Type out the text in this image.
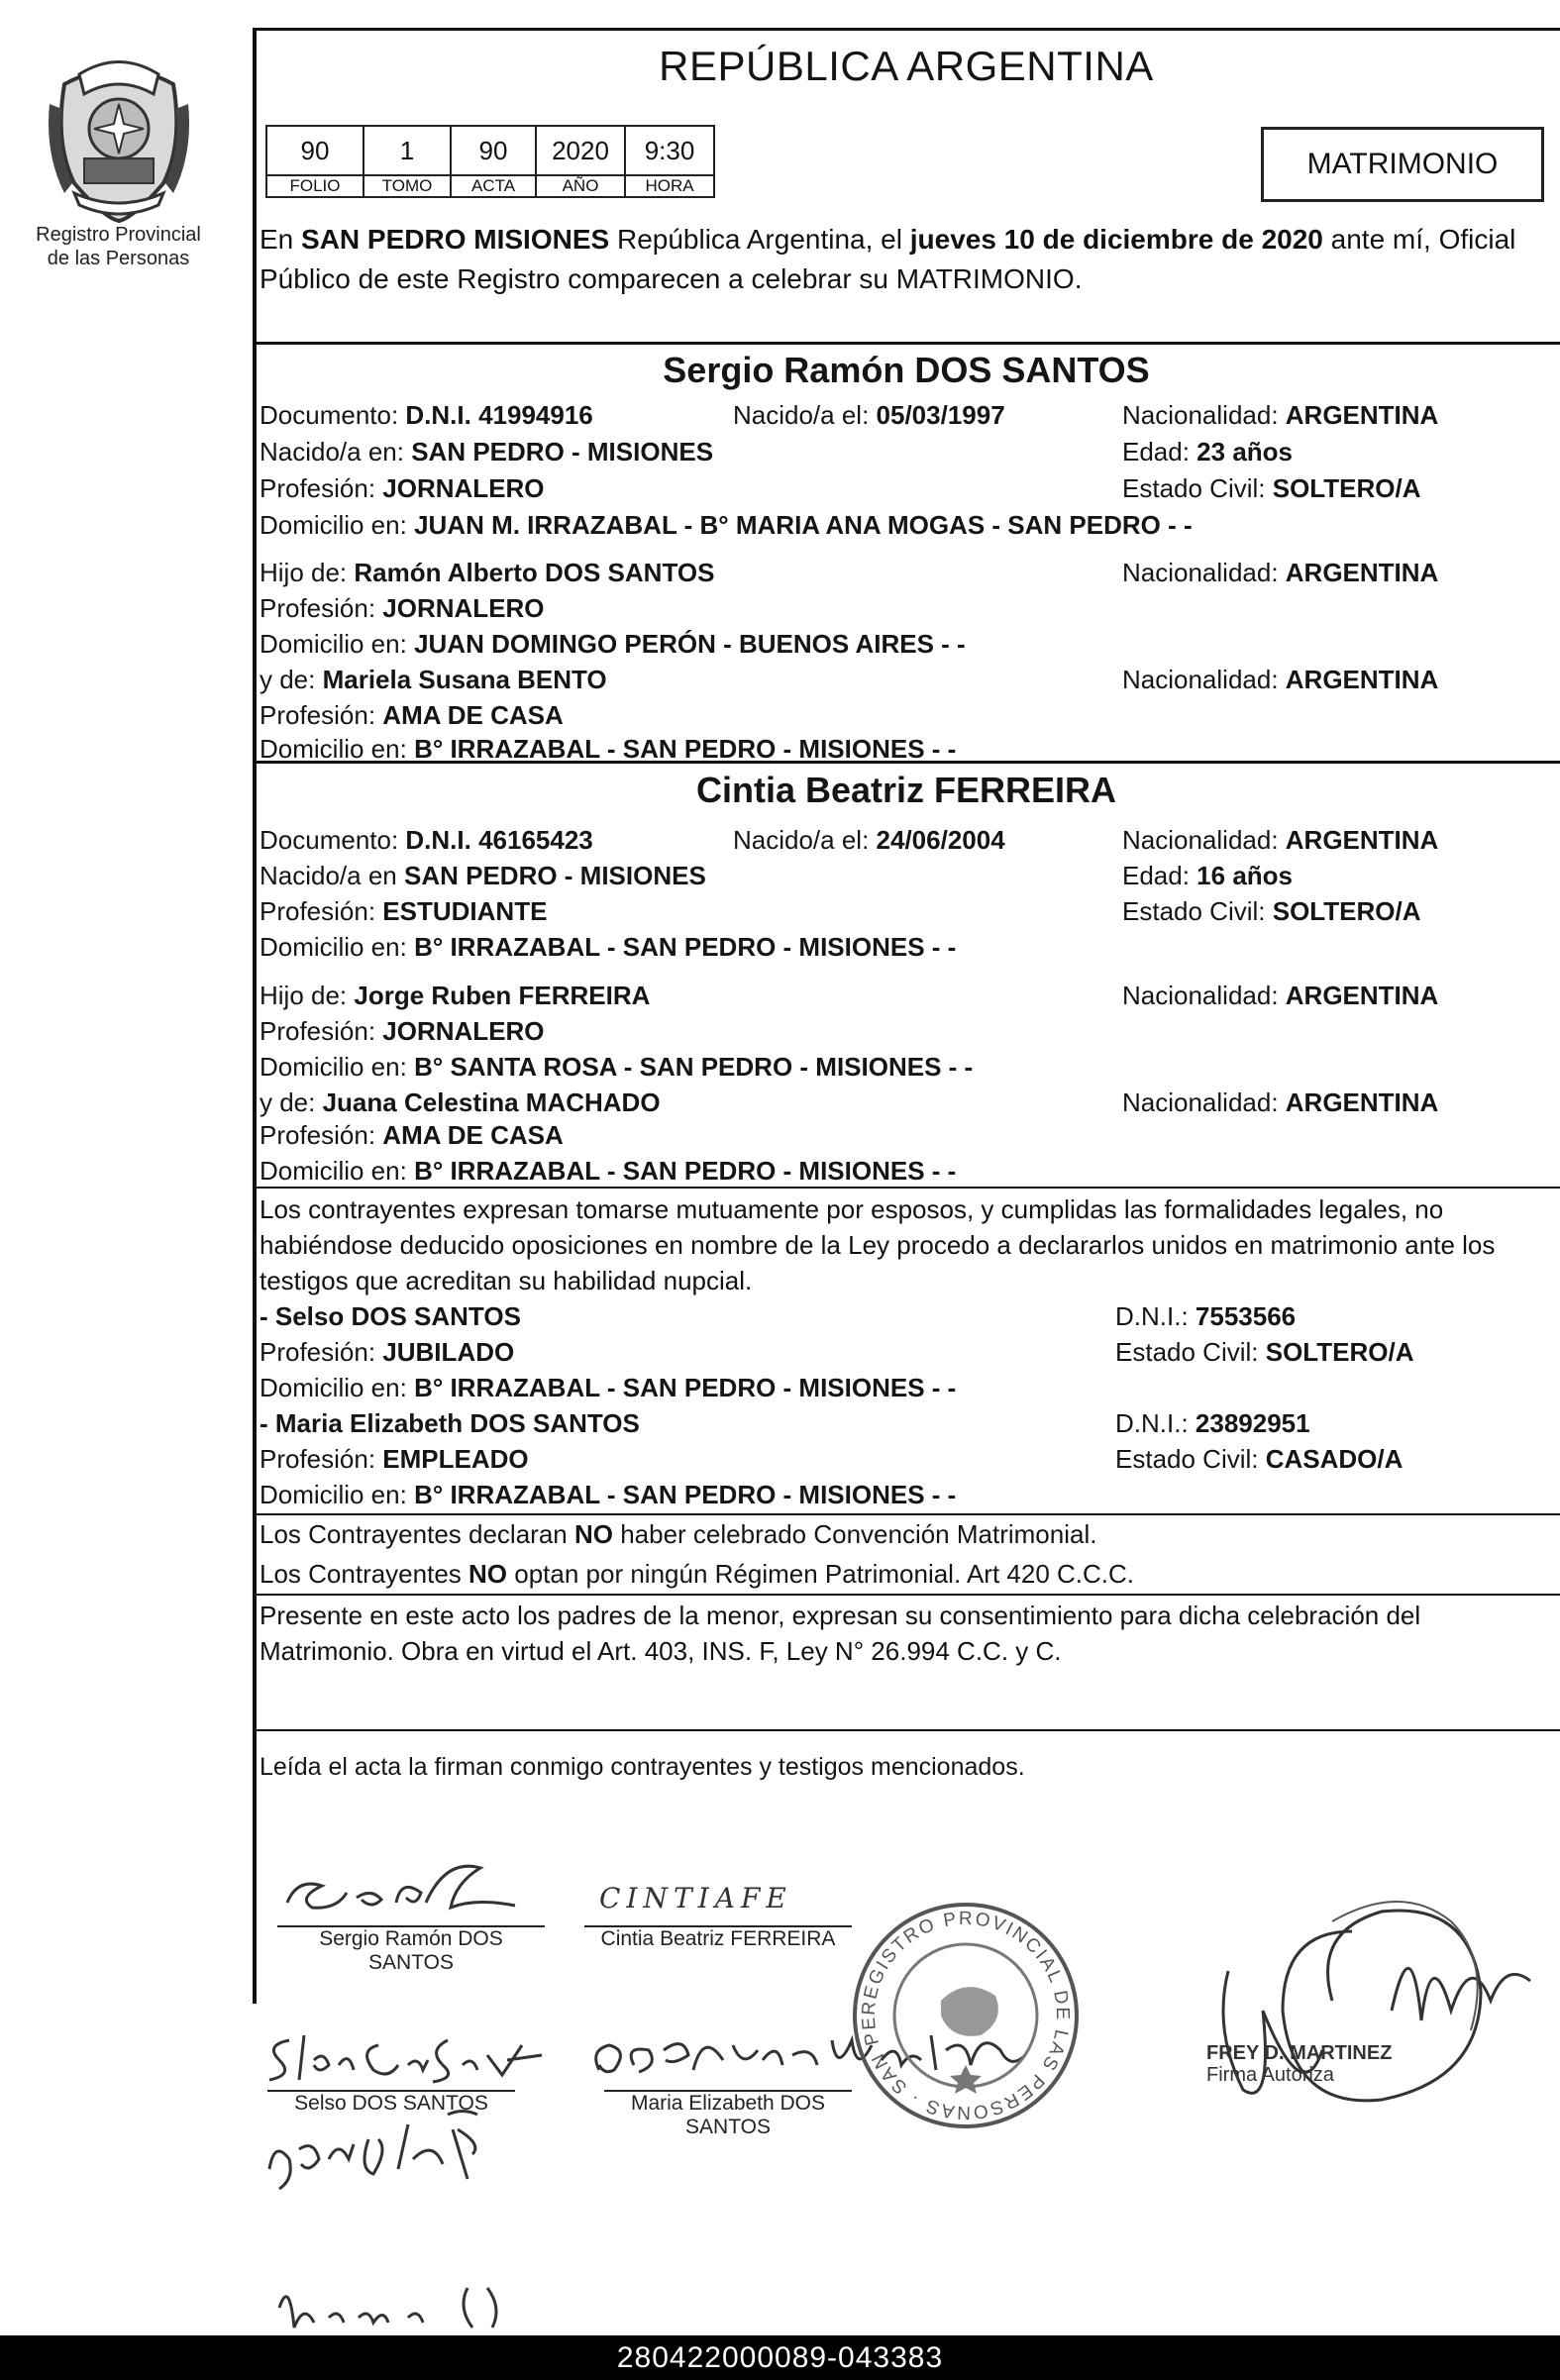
Registro Provincial
de las Personas
REPÚBLICA ARGENTINA
90	1	90	2020	9:30
FOLIO	TOMO	ACTA	AÑO	HORA
MATRIMONIO
En SAN PEDRO MISIONES República Argentina, el jueves 10 de diciembre de 2020 ante mí, Oficial Público de este Registro comparecen a celebrar su MATRIMONIO.
Sergio Ramón DOS SANTOS
Documento: D.N.I. 41994916	Nacido/a el: 05/03/1997	Nacionalidad: ARGENTINA
Nacido/a en: SAN PEDRO - MISIONES	Edad: 23 años
Profesión: JORNALERO	Estado Civil: SOLTERO/A
Domicilio en: JUAN M. IRRAZABAL - B° MARIA ANA MOGAS - SAN PEDRO - -
Hijo de: Ramón Alberto DOS SANTOS	Nacionalidad: ARGENTINA
Profesión: JORNALERO
Domicilio en: JUAN DOMINGO PERÓN - BUENOS AIRES - -
y de: Mariela Susana BENTO	Nacionalidad: ARGENTINA
Profesión: AMA DE CASA
Domicilio en: B° IRRAZABAL - SAN PEDRO - MISIONES - -
Cintia Beatriz FERREIRA
Documento: D.N.I. 46165423	Nacido/a el: 24/06/2004	Nacionalidad: ARGENTINA
Nacido/a en SAN PEDRO - MISIONES	Edad: 16 años
Profesión: ESTUDIANTE	Estado Civil: SOLTERO/A
Domicilio en: B° IRRAZABAL - SAN PEDRO - MISIONES - -
Hijo de: Jorge Ruben FERREIRA	Nacionalidad: ARGENTINA
Profesión: JORNALERO
Domicilio en: B° SANTA ROSA - SAN PEDRO - MISIONES - -
y de: Juana Celestina MACHADO	Nacionalidad: ARGENTINA
Profesión: AMA DE CASA
Domicilio en: B° IRRAZABAL - SAN PEDRO - MISIONES - -
Los contrayentes expresan tomarse mutuamente por esposos, y cumplidas las formalidades legales, no habiéndose deducido oposiciones en nombre de la Ley procedo a declararlos unidos en matrimonio ante los testigos que acreditan su habilidad nupcial.
- Selso DOS SANTOS	D.N.I.: 7553566
Profesión: JUBILADO	Estado Civil: SOLTERO/A
Domicilio en: B° IRRAZABAL - SAN PEDRO - MISIONES - -
- Maria Elizabeth DOS SANTOS	D.N.I.: 23892951
Profesión: EMPLEADO	Estado Civil: CASADO/A
Domicilio en: B° IRRAZABAL - SAN PEDRO - MISIONES - -
Los Contrayentes declaran NO haber celebrado Convención Matrimonial.
Los Contrayentes NO optan por ningún Régimen Patrimonial. Art 420 C.C.C.
Presente en este acto los padres de la menor, expresan su consentimiento para dicha celebración del Matrimonio. Obra en virtud el Art. 403, INS. F, Ley N° 26.994 C.C. y C.
Leída el acta la firman conmigo contrayentes y testigos mencionados.
Sergio Ramón DOS
SANTOS
CINTIAFE
Cintia Beatriz FERREIRA
Selso DOS SANTOS	Maria Elizabeth DOS
SANTOS
REGISTRO PROVINCIAL DE LAS PERSONAS · SAN PE
FREY D. MARTINEZ
Firma Autoriza
280422000089-043383
